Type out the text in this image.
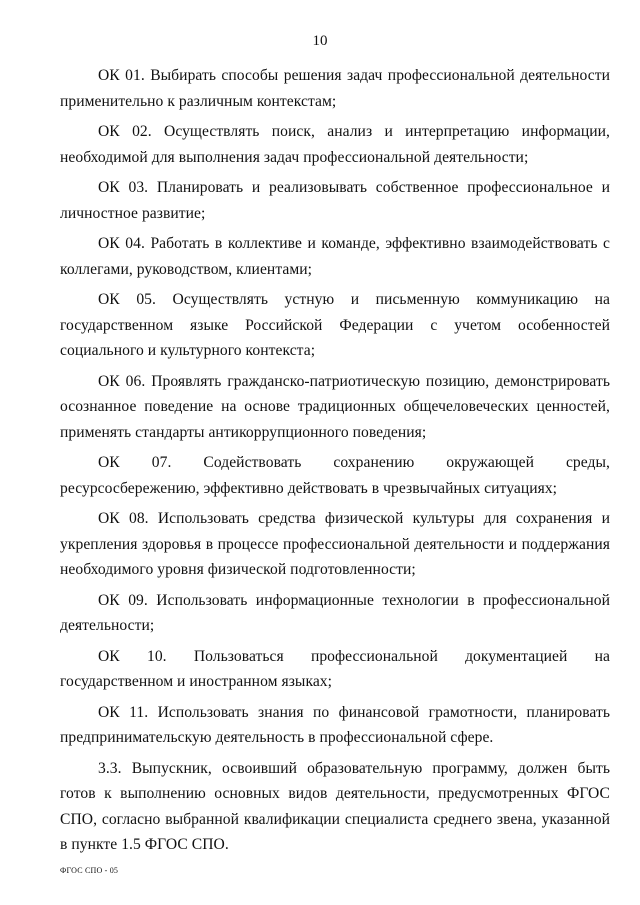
10

ОК 01. Выбирать способы решения задач профессиональной деятельности применительно к различным контекстам;

ОК 02. Осуществлять поиск, анализ и интерпретацию информации, необходимой для выполнения задач профессиональной деятельности;

ОК 03. Планировать и реализовывать собственное профессиональное и личностное развитие;

ОК 04. Работать в коллективе и команде, эффективно взаимодействовать с коллегами, руководством, клиентами;

ОК 05. Осуществлять устную и письменную коммуникацию на государственном языке Российской Федерации с учетом особенностей социального и культурного контекста;

ОК 06. Проявлять гражданско-патриотическую позицию, демонстрировать осознанное поведение на основе традиционных общечеловеческих ценностей, применять стандарты антикоррупционного поведения;

ОК 07. Содействовать сохранению окружающей среды, ресурсосбережению, эффективно действовать в чрезвычайных ситуациях;

ОК 08. Использовать средства физической культуры для сохранения и укрепления здоровья в процессе профессиональной деятельности и поддержания необходимого уровня физической подготовленности;

ОК 09. Использовать информационные технологии в профессиональной деятельности;

ОК 10. Пользоваться профессиональной документацией на государственном и иностранном языках;

ОК 11. Использовать знания по финансовой грамотности, планировать предпринимательскую деятельность в профессиональной сфере.

3.3. Выпускник, освоивший образовательную программу, должен быть готов к выполнению основных видов деятельности, предусмотренных ФГОС СПО, согласно выбранной квалификации специалиста среднего звена, указанной в пункте 1.5 ФГОС СПО.

ФГОС СПО - 05
